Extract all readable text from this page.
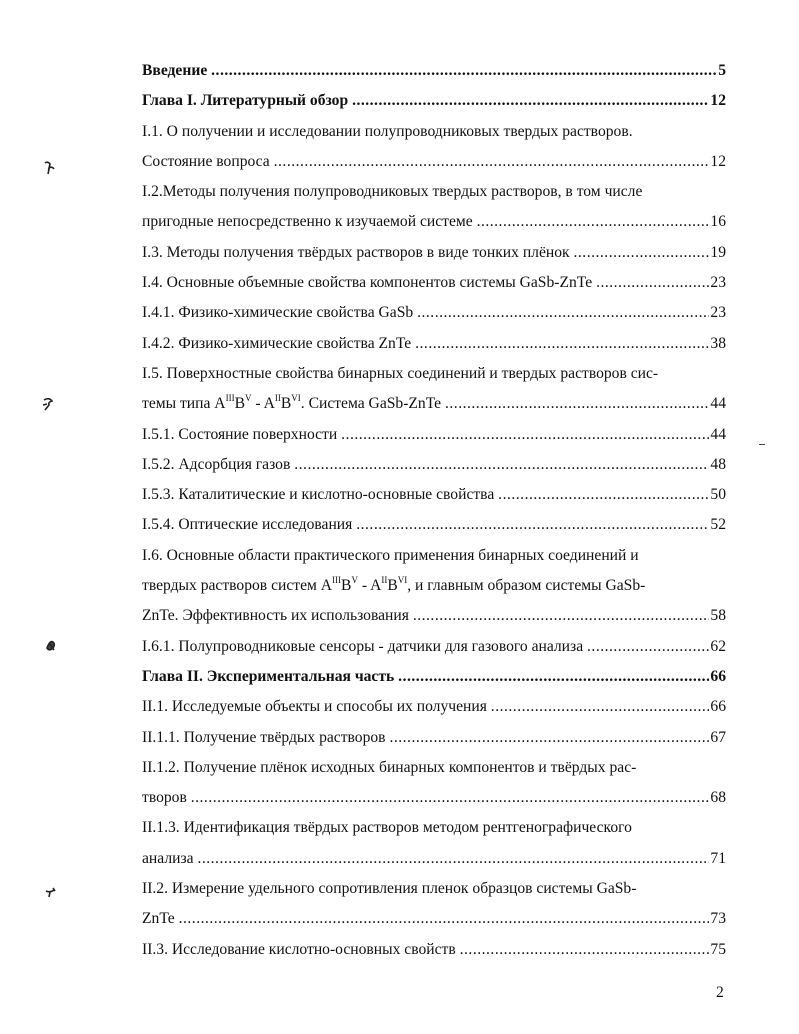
Введение	5
.....
Глава I. Литературный обзор	12
.....
I.1. О получении и исследовании полупроводниковых твердых растворов.
Состояние вопроса	12
.....
I.2.Методы получения полупроводниковых твердых растворов, в том числе
пригодные непосредственно к изучаемой системе	16
.....
I.3. Методы получения твёрдых растворов в виде тонких плёнок	19
.....
I.4. Основные объемные свойства компонентов системы GaSb-ZnTe	23
.....
I.4.1. Физико-химические свойства GaSb	23
.....
I.4.2. Физико-химические свойства ZnTe	38
.....
I.5. Поверхностные свойства бинарных соединений и твердых растворов сис-
темы типа $A^{III}B^V - A^{II}B^{VI}$. Система GaSb-ZnTe	44
.....
I.5.1. Состояние поверхности	44
.....
I.5.2. Адсорбция газов	48
.....
I.5.3. Каталитические и кислотно-основные свойства	50
.....
I.5.4. Оптические исследования	52
.....
I.6. Основные области практического применения бинарных соединений и
твердых растворов систем $A^{III}B^V - A^{II}B^{VI}$, и главным образом системы GaSb-
ZnTe. Эффективность их использования	58
.....
I.6.1. Полупроводниковые сенсоры - датчики для газового анализа	62
.....
Глава II. Экспериментальная часть	66
.....
II.1. Исследуемые объекты и способы их получения	66
.....
II.1.1. Получение твёрдых растворов	67
.....
II.1.2. Получение плёнок исходных бинарных компонентов и твёрдых рас-
творов	68
.....
II.1.3. Идентификация твёрдых растворов методом рентгенографического
анализа	71
.....
II.2. Измерение удельного сопротивления пленок образцов системы GaSb-
ZnTe	73
.....
II.3. Исследование кислотно-основных свойств	75
.....
2
